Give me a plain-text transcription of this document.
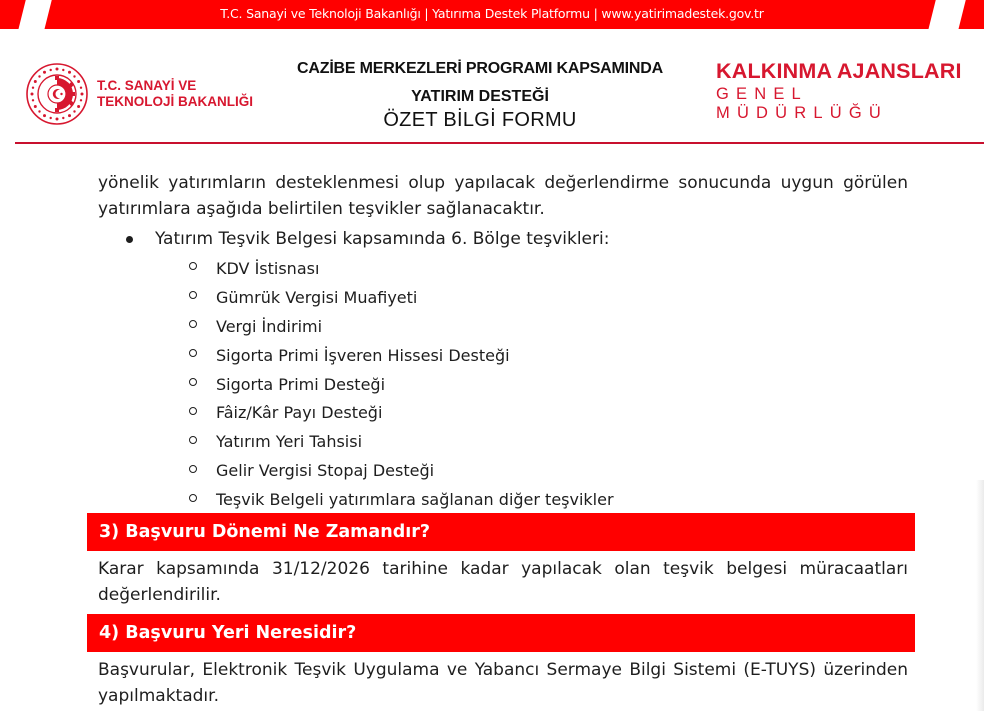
T.C. Sanayi ve Teknoloji Bakanlığı | Yatırıma Destek Platformu | www.yatirimadestek.gov.tr
T.C. SANAYİ VE
TEKNOLOJİ BAKANLIĞI
CAZİBE MERKEZLERİ PROGRAMI KAPSAMINDA
YATIRIM DESTEĞİ
ÖZET BİLGİ FORMU
KALKINMA AJANSLARI
GENEL MÜDÜRLÜĞÜ

yönelik yatırımların desteklenmesi olup yapılacak değerlendirme sonucunda uygun görülen yatırımlara aşağıda belirtilen teşvikler sağlanacaktır.

Yatırım Teşvik Belgesi kapsamında 6. Bölge teşvikleri:
KDV İstisnası
Gümrük Vergisi Muafiyeti
Vergi İndirimi
Sigorta Primi İşveren Hissesi Desteği
Sigorta Primi Desteği
Fâiz/Kâr Payı Desteği
Yatırım Yeri Tahsisi
Gelir Vergisi Stopaj Desteği
Teşvik Belgeli yatırımlara sağlanan diğer teşvikler
3) Başvuru Dönemi Ne Zamandır?
Karar kapsamında 31/12/2026 tarihine kadar yapılacak olan teşvik belgesi müracaatları değerlendirilir.
4) Başvuru Yeri Neresidir?
Başvurular, Elektronik Teşvik Uygulama ve Yabancı Sermaye Bilgi Sistemi (E-TUYS) üzerinden yapılmaktadır.
